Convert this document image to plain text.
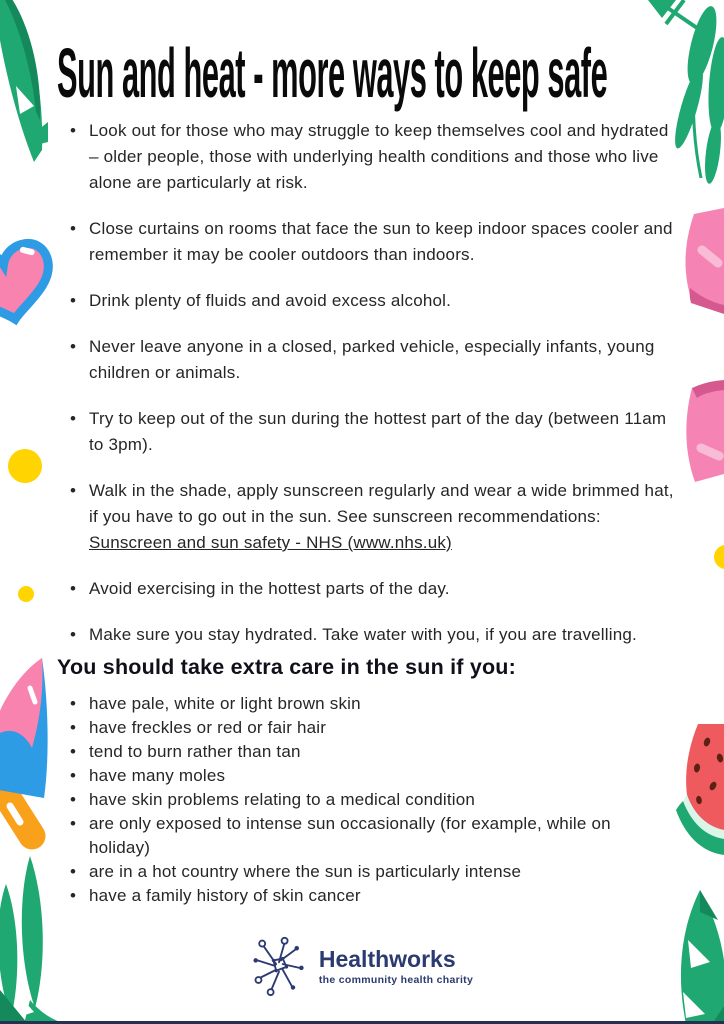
Sun and heat - more ways to keep safe
• Look out for those who may struggle to keep themselves cool and hydrated – older people, those with underlying health conditions and those who live alone are particularly at risk.
• Close curtains on rooms that face the sun to keep indoor spaces cooler and remember it may be cooler outdoors than indoors.
• Drink plenty of fluids and avoid excess alcohol.
• Never leave anyone in a closed, parked vehicle, especially infants, young children or animals.
• Try to keep out of the sun during the hottest part of the day (between 11am to 3pm).
• Walk in the shade, apply sunscreen regularly and wear a wide brimmed hat, if you have to go out in the sun. See sunscreen recommendations: Sunscreen and sun safety - NHS (www.nhs.uk)
• Avoid exercising in the hottest parts of the day.
• Make sure you stay hydrated. Take water with you, if you are travelling.
You should take extra care in the sun if you:
• have pale, white or light brown skin
• have freckles or red or fair hair
• tend to burn rather than tan
• have many moles
• have skin problems relating to a medical condition
• are only exposed to intense sun occasionally (for example, while on holiday)
• are in a hot country where the sun is particularly intense
• have a family history of skin cancer
Healthworks
the community health charity
